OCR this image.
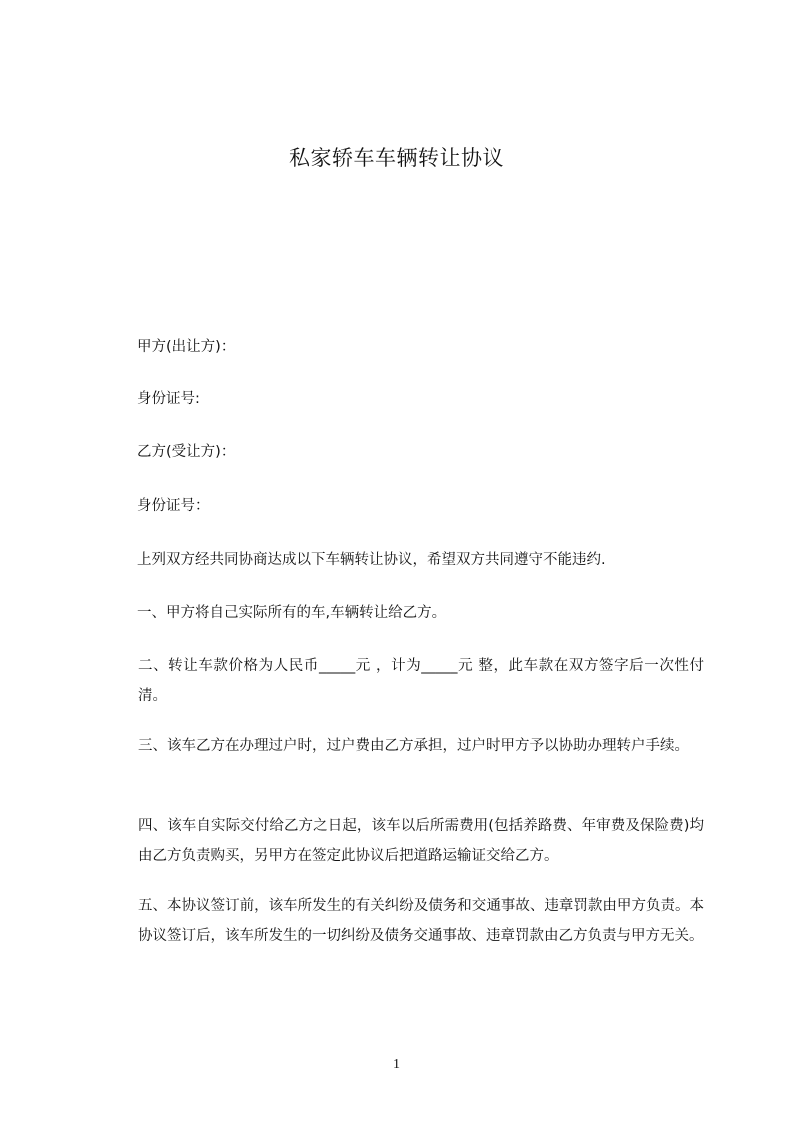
私家轿车车辆转让协议
甲方(出让方)：
身份证号:
乙方(受让方)：
身份证号：
上列双方经共同协商达成以下车辆转让协议，希望双方共同遵守不能违约.
一、甲方将自己实际所有的车,车辆转让给乙方。
二、转让车款价格为人民币_____元 ，计为_____元 整，此车款在双方签字后一次性付清。
三、该车乙方在办理过户时，过户费由乙方承担，过户时甲方予以协助办理转户手续。
四、该车自实际交付给乙方之日起，该车以后所需费用(包括养路费、年审费及保险费)均由乙方负责购买，另甲方在签定此协议后把道路运输证交给乙方。
五、本协议签订前，该车所发生的有关纠纷及债务和交通事故、违章罚款由甲方负责。本协议签订后，该车所发生的一切纠纷及债务交通事故、违章罚款由乙方负责与甲方无关。
1
